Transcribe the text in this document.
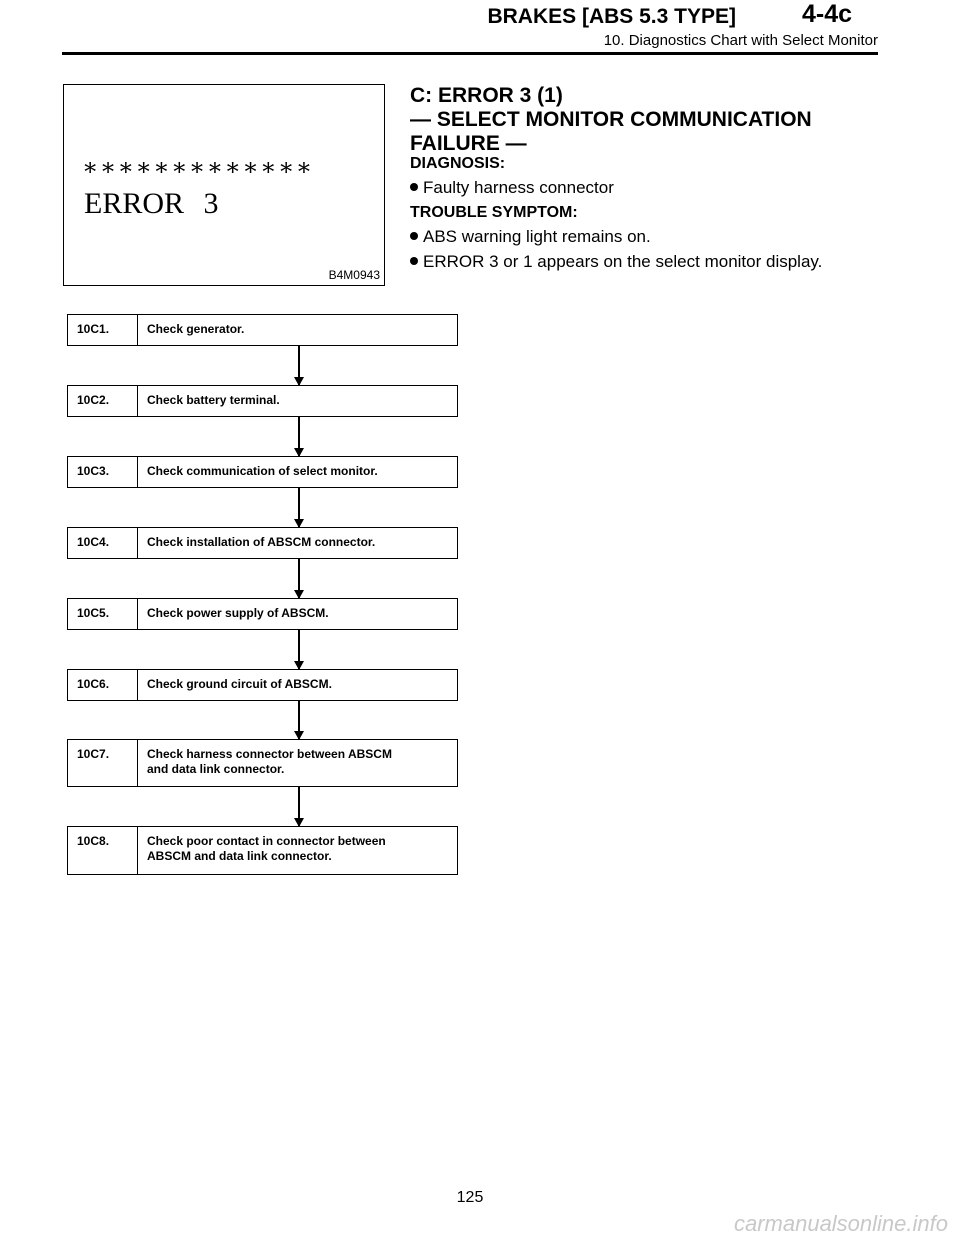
BRAKES [ABS 5.3 TYPE]	4-4c
10. Diagnostics Chart with Select Monitor
∗∗∗∗∗∗∗∗∗∗∗∗∗
ERROR 3
B4M0943
C: ERROR 3 (1)
— SELECT MONITOR COMMUNICATION
FAILURE —
DIAGNOSIS:
Faulty harness connector
TROUBLE SYMPTOM:
ABS warning light remains on.
ERROR 3 or 1 appears on the select monitor display.
10C1.	Check generator.
10C2.	Check battery terminal.
10C3.	Check communication of select monitor.
10C4.	Check installation of ABSCM connector.
10C5.	Check power supply of ABSCM.
10C6.	Check ground circuit of ABSCM.
10C7.	Check harness connector between ABSCM
and data link connector.
10C8.	Check poor contact in connector between
ABSCM and data link connector.
125
carmanualsonline.info
